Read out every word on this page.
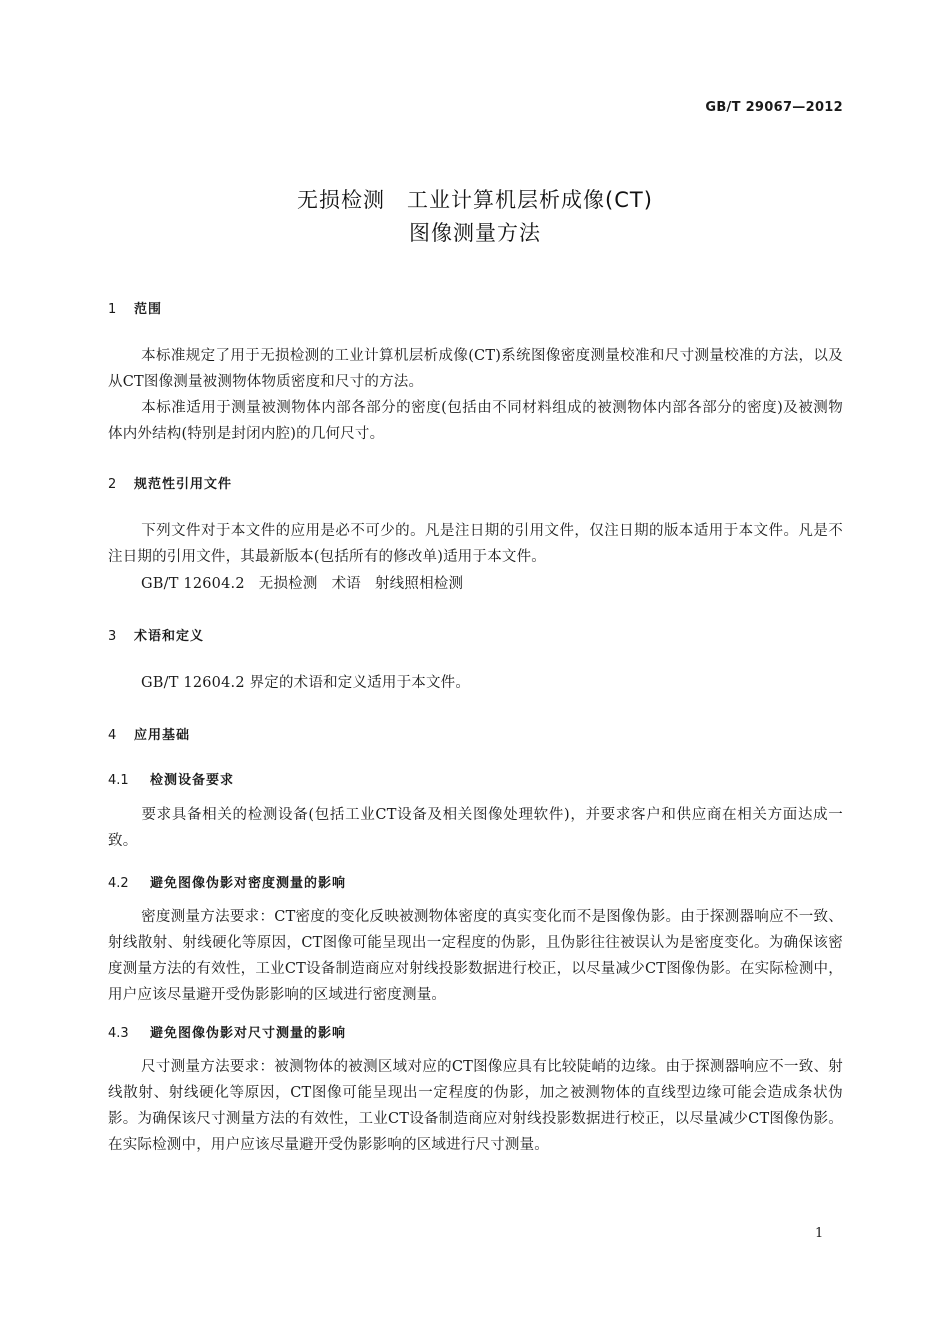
GB/T 29067—2012
无损检测　工业计算机层析成像(CT)
图像测量方法
1 范围
本标准规定了用于无损检测的工业计算机层析成像(CT)系统图像密度测量校准和尺寸测量校准的方法，以及从CT图像测量被测物体物质密度和尺寸的方法。
本标准适用于测量被测物体内部各部分的密度(包括由不同材料组成的被测物体内部各部分的密度)及被测物体内外结构(特别是封闭内腔)的几何尺寸。
2 规范性引用文件
下列文件对于本文件的应用是必不可少的。凡是注日期的引用文件，仅注日期的版本适用于本文件。凡是不注日期的引用文件，其最新版本(包括所有的修改单)适用于本文件。
GB/T 12604.2 无损检测 术语 射线照相检测
3 术语和定义
GB/T 12604.2 界定的术语和定义适用于本文件。
4 应用基础
4.1 检测设备要求
要求具备相关的检测设备(包括工业CT设备及相关图像处理软件)，并要求客户和供应商在相关方面达成一致。
4.2 避免图像伪影对密度测量的影响
密度测量方法要求：CT密度的变化反映被测物体密度的真实变化而不是图像伪影。由于探测器响应不一致、射线散射、射线硬化等原因，CT图像可能呈现出一定程度的伪影，且伪影往往被误认为是密度变化。为确保该密度测量方法的有效性，工业CT设备制造商应对射线投影数据进行校正，以尽量减少CT图像伪影。在实际检测中，用户应该尽量避开受伪影影响的区域进行密度测量。
4.3 避免图像伪影对尺寸测量的影响
尺寸测量方法要求：被测物体的被测区域对应的CT图像应具有比较陡峭的边缘。由于探测器响应不一致、射线散射、射线硬化等原因，CT图像可能呈现出一定程度的伪影，加之被测物体的直线型边缘可能会造成条状伪影。为确保该尺寸测量方法的有效性，工业CT设备制造商应对射线投影数据进行校正，以尽量减少CT图像伪影。在实际检测中，用户应该尽量避开受伪影影响的区域进行尺寸测量。
1
